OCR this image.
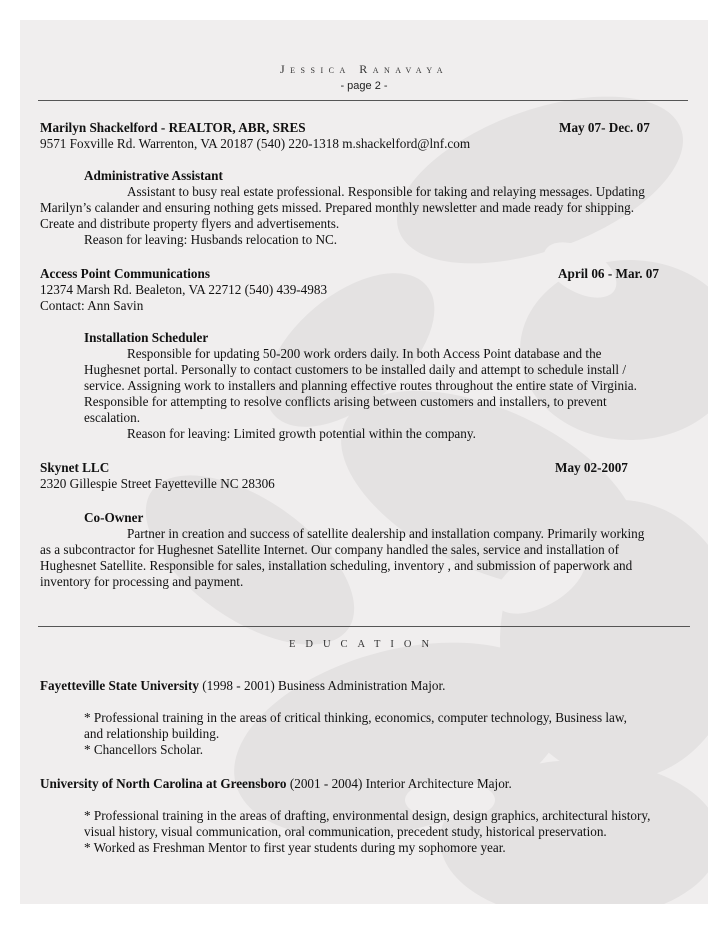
Jessica Ranavaya
- page 2 -
Marilyn Shackelford - REALTOR, ABR, SRES	May 07- Dec. 07
9571 Foxville Rd. Warrenton, VA 20187 (540) 220-1318 m.shackelford@lnf.com
Administrative Assistant
Assistant to busy real estate professional. Responsible for taking and relaying messages. Updating
Marilyn’s calander and ensuring nothing gets missed. Prepared monthly newsletter and made ready for shipping.
Create and distribute property flyers and advertisements.
Reason for leaving: Husbands relocation to NC.
Access Point Communications	April 06 - Mar. 07
12374 Marsh Rd. Bealeton, VA 22712 (540) 439-4983
Contact: Ann Savin
Installation Scheduler
Responsible for updating 50-200 work orders daily. In both Access Point database and the
Hughesnet portal. Personally to contact customers to be installed daily and attempt to schedule install /
service. Assigning work to installers and planning effective routes throughout the entire state of Virginia.
Responsible for attempting to resolve conflicts arising between customers and installers, to prevent
escalation.
Reason for leaving: Limited growth potential within the company.
Skynet LLC	May 02-2007
2320 Gillespie Street Fayetteville NC 28306
Co-Owner
Partner in creation and success of satellite dealership and installation company. Primarily working
as a subcontractor for Hughesnet Satellite Internet. Our company handled the sales, service and installation of
Hughesnet Satellite. Responsible for sales, installation scheduling, inventory , and submission of paperwork and
inventory for processing and payment.
EDUCATION
Fayetteville State University (1998 - 2001) Business Administration Major.
* Professional training in the areas of critical thinking, economics, computer technology, Business law,
and relationship building.
* Chancellors Scholar.
University of North Carolina at Greensboro (2001 - 2004) Interior Architecture Major.
* Professional training in the areas of drafting, environmental design, design graphics, architectural history,
visual history, visual communication, oral communication, precedent study, historical preservation.
* Worked as Freshman Mentor to first year students during my sophomore year.
